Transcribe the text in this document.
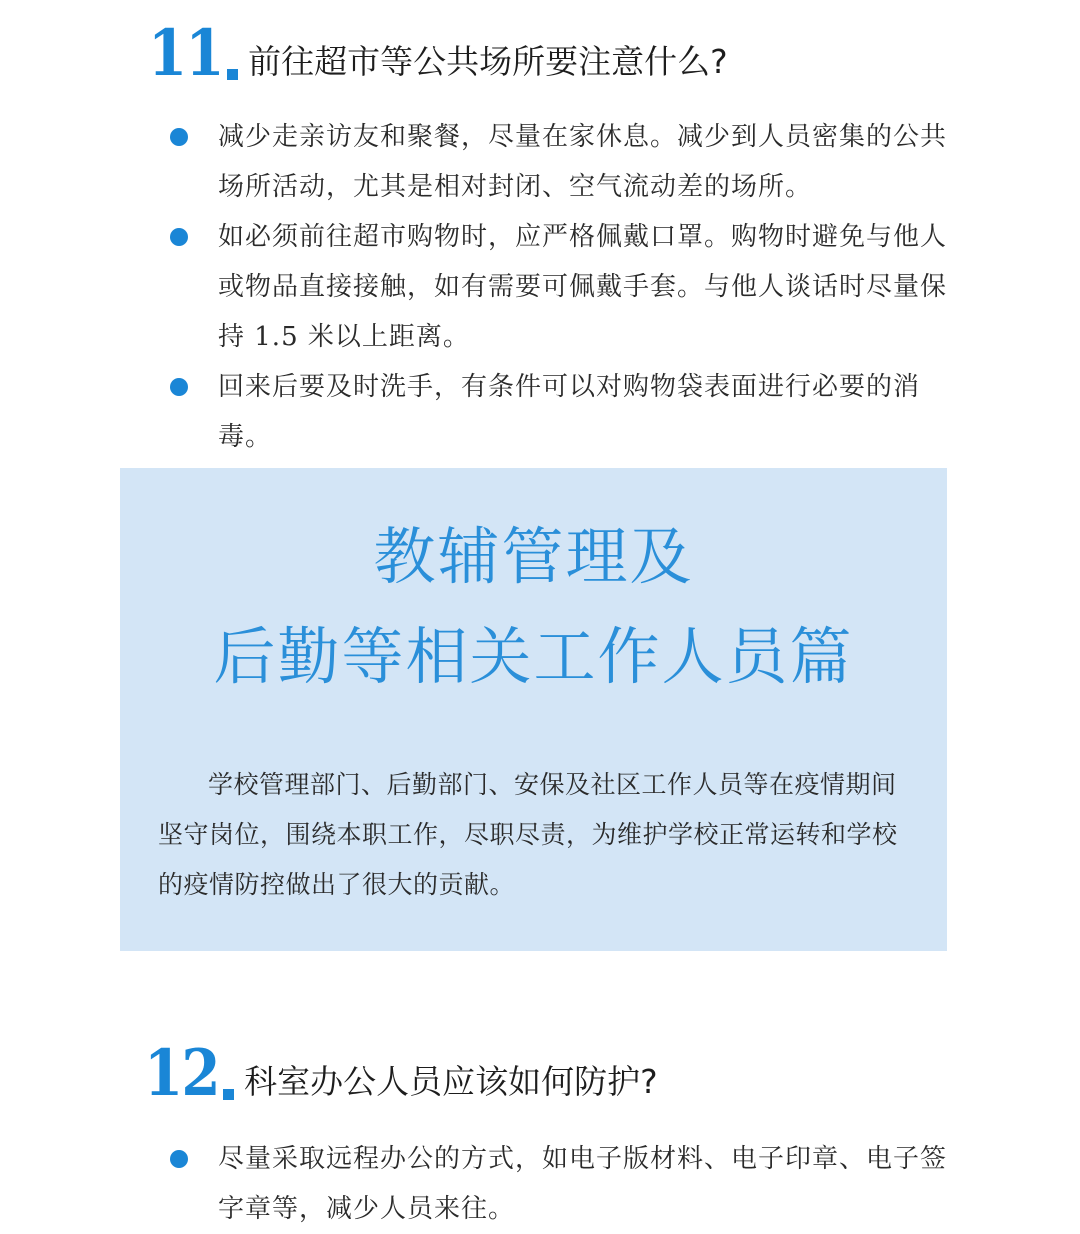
11 前往超市等公共场所要注意什么?
减少走亲访友和聚餐，尽量在家休息。减少到人员密集的公共场所活动，尤其是相对封闭、空气流动差的场所。
如必须前往超市购物时，应严格佩戴口罩。购物时避免与他人或物品直接接触，如有需要可佩戴手套。与他人谈话时尽量保持 1.5 米以上距离。
回来后要及时洗手，有条件可以对购物袋表面进行必要的消毒。
教辅管理及
后勤等相关工作人员篇

学校管理部门、后勤部门、安保及社区工作人员等在疫情期间坚守岗位，围绕本职工作，尽职尽责，为维护学校正常运转和学校的疫情防控做出了很大的贡献。

12 科室办公人员应该如何防护?
尽量采取远程办公的方式，如电子版材料、电子印章、电子签字章等，减少人员来往。
